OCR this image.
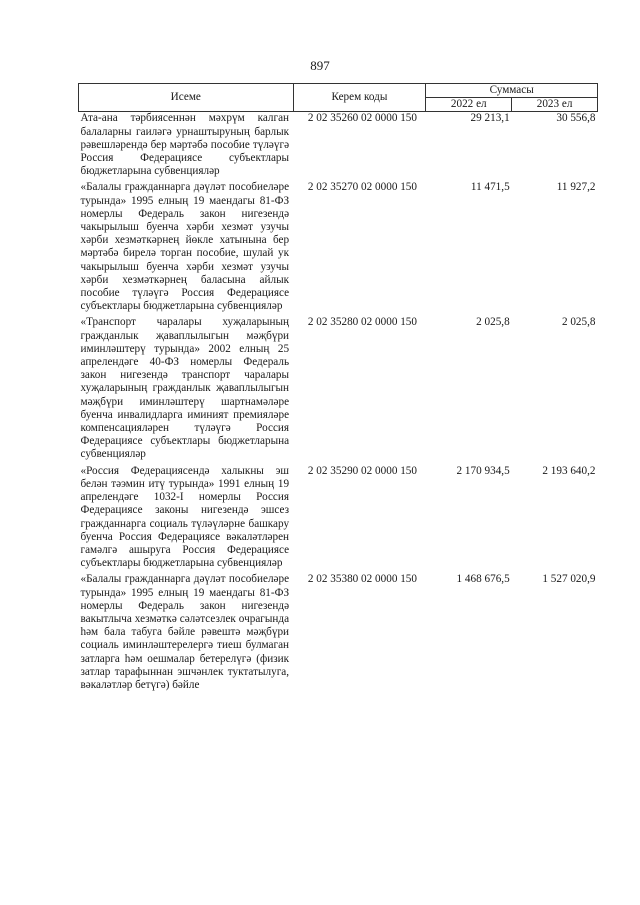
897
Исеме	Керем коды	Суммасы	
		2022 ел	2023 ел
Ата-ана тәрбиясеннән мәхрүм калган балаларны гаиләгә урнаштыруның барлык рәвешләрендә бер мәртәбә пособие түләүгә Россия Федерациясе субъектлары бюджетларына субвенцияләр	2 02 35260 02 0000 150	29 213,1	30 556,8
«Балалы гражданнарга дәүләт пособиеләре турында» 1995 елның 19 маендагы 81-ФЗ номерлы Федераль закон нигезендә чакырылыш буенча хәрби хезмәт узучы хәрби хезмәткәрнең йөкле хатынына бер мәртәбә бирелә торган пособие, шулай ук чакырылыш буенча хәрби хезмәт узучы хәрби хезмәткәрнең баласына айлык пособие түләүгә Россия Федерациясе субъектлары бюджетларына субвенцияләр	2 02 35270 02 0000 150	11 471,5	11 927,2
«Транспорт чаралары хуҗаларының гражданлык җаваплылыгын мәҗбүри иминләштерү турында» 2002 елның 25 апрелендәге 40-ФЗ номерлы Федераль закон нигезендә транспорт чаралары хуҗаларының гражданлык җаваплылыгын мәҗбүри иминләштерү шартнамәләре буенча инвалидларга иминият премияләре компенсацияләрен түләүгә Россия Федерациясе субъектлары бюджетларына субвенцияләр	2 02 35280 02 0000 150	2 025,8	2 025,8
«Россия Федерациясендә халыкны эш белән тәэмин итү турында» 1991 елның 19 апрелендәге 1032-I номерлы Россия Федерациясе законы нигезендә эшсез гражданнарга социаль түләүләрне башкару буенча Россия Федерациясе вәкаләтләрен гамәлгә ашыруга Россия Федерациясе субъектлары бюджетларына субвенцияләр	2 02 35290 02 0000 150	2 170 934,5	2 193 640,2
«Балалы гражданнарга дәүләт пособиеләре турында» 1995 елның 19 маендагы 81-ФЗ номерлы Федераль закон нигезендә вакытлыча хезмәткә сәләтсезлек очрагында һәм бала табуга бәйле рәвештә мәҗбүри социаль иминләштерелергә тиеш булмаган затларга һәм оешмалар бетерелүгә (физик затлар тарафыннан эшчәнлек туктатылуга, вәкаләтләр бетүгә) бәйле	2 02 35380 02 0000 150	1 468 676,5	1 527 020,9
